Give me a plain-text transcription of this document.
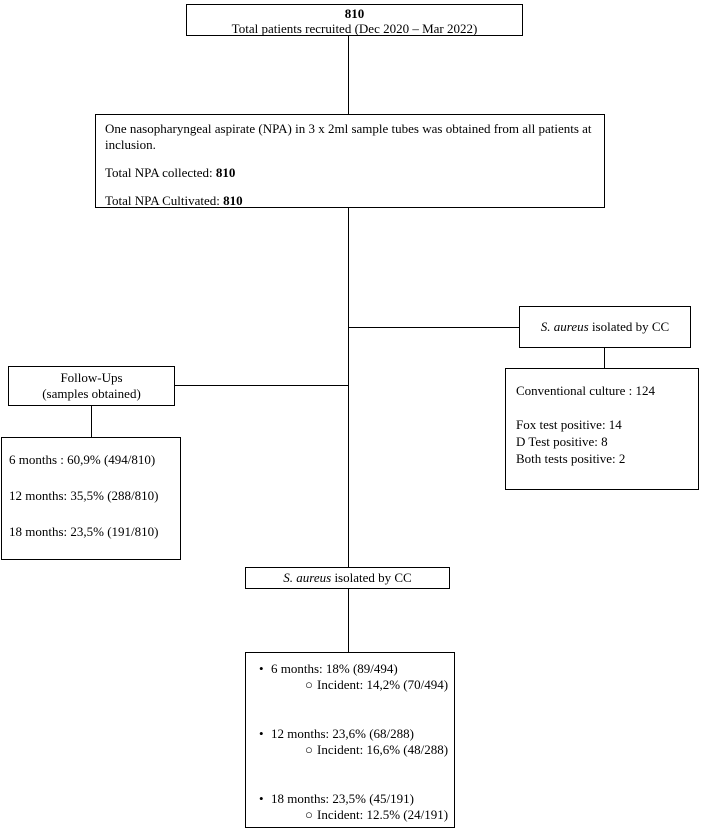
810
Total patients recruited (Dec 2020 – Mar 2022)
One nasopharyngeal aspirate (NPA) in 3 x 2ml sample tubes was obtained from all patients at inclusion.
Total NPA collected: 810
Total NPA Cultivated: 810
S. aureus isolated by CC
Conventional culture : 124
Fox test positive: 14
D Test positive: 8
Both tests positive: 2
Follow-Ups
(samples obtained)
6 months : 60,9% (494/810)
12 months: 35,5% (288/810)
18 months: 23,5% (191/810)
S. aureus isolated by CC
• 6 months: 18% (89/494)
○ Incident: 14,2% (70/494)
• 12 months: 23,6% (68/288)
○ Incident: 16,6% (48/288)
• 18 months: 23,5% (45/191)
○ Incident: 12.5% (24/191)
